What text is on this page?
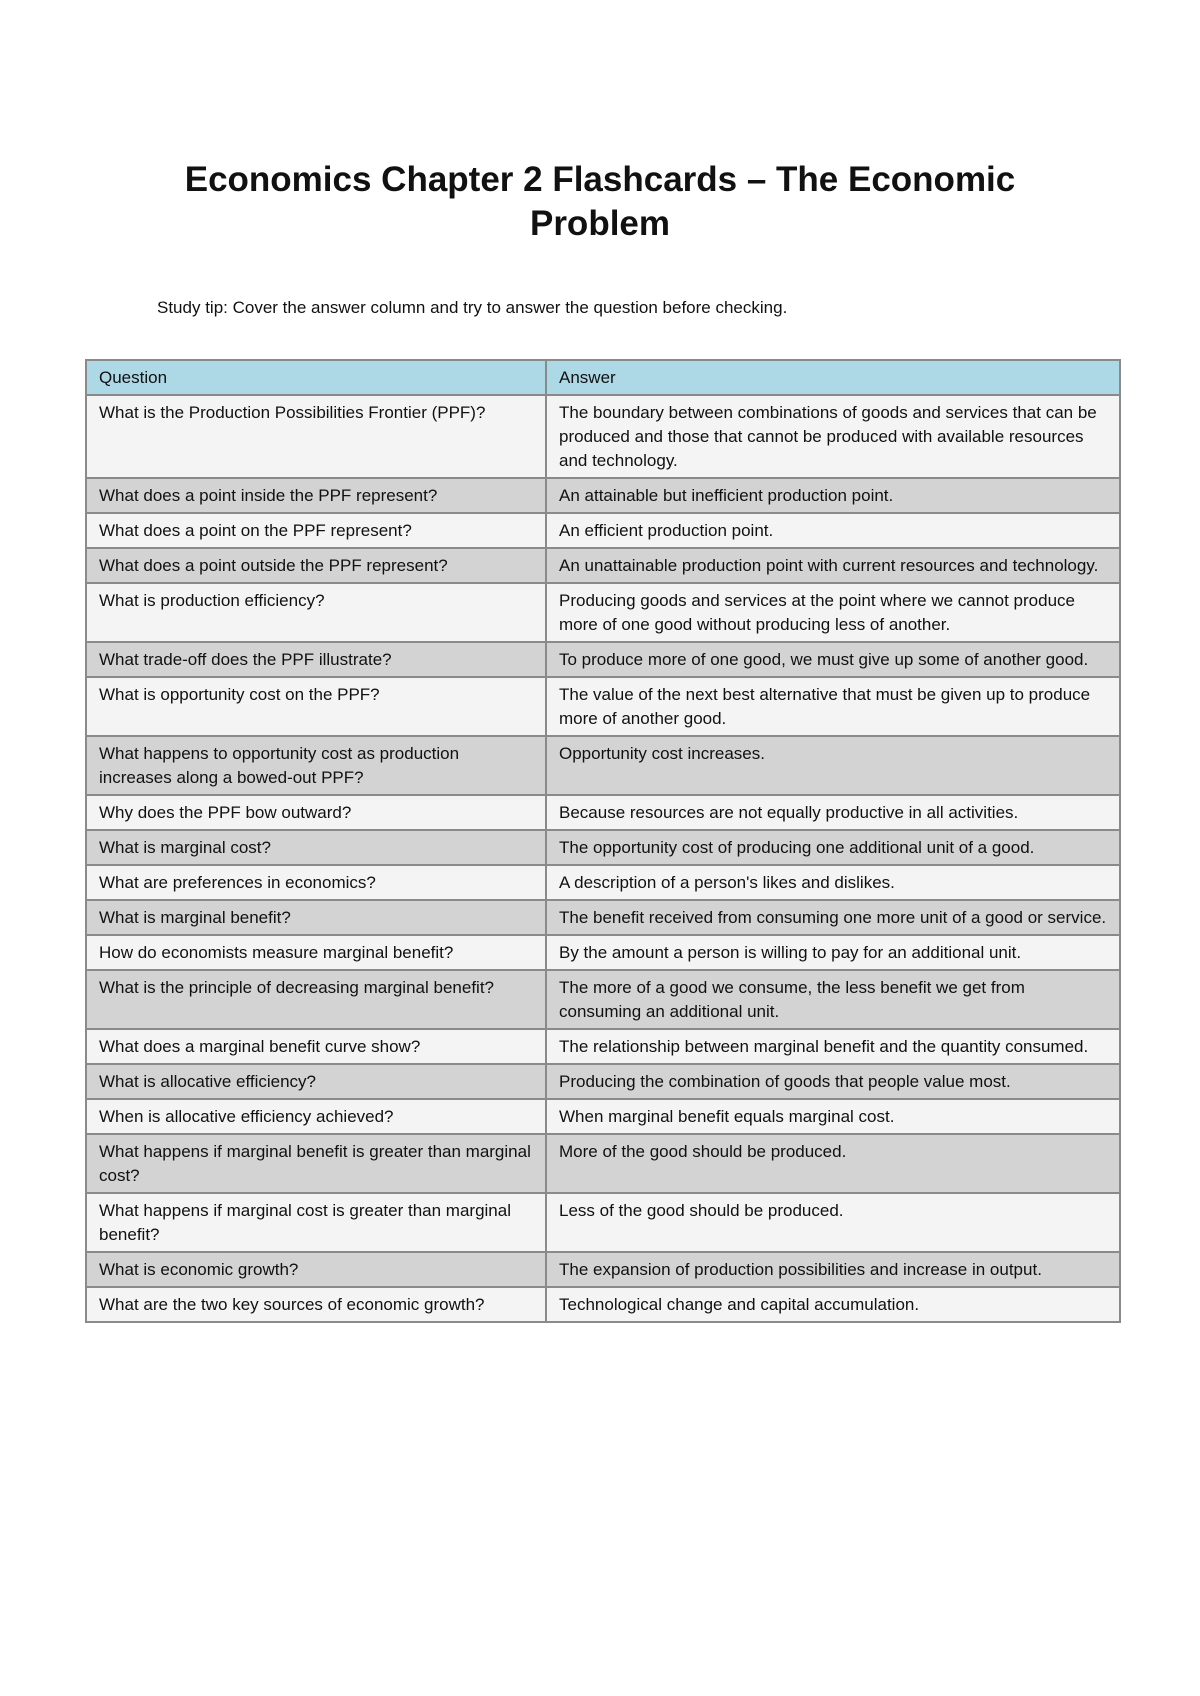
Economics Chapter 2 Flashcards – The Economic Problem

Study tip: Cover the answer column and try to answer the question before checking.

Question	Answer
What is the Production Possibilities Frontier (PPF)?	The boundary between combinations of goods and services that can be produced and those that cannot be produced with available resources and technology.
What does a point inside the PPF represent?	An attainable but inefficient production point.
What does a point on the PPF represent?	An efficient production point.
What does a point outside the PPF represent?	An unattainable production point with current resources and technology.
What is production efficiency?	Producing goods and services at the point where we cannot produce more of one good without producing less of another.
What trade-off does the PPF illustrate?	To produce more of one good, we must give up some of another good.
What is opportunity cost on the PPF?	The value of the next best alternative that must be given up to produce more of another good.
What happens to opportunity cost as production increases along a bowed-out PPF?	Opportunity cost increases.
Why does the PPF bow outward?	Because resources are not equally productive in all activities.
What is marginal cost?	The opportunity cost of producing one additional unit of a good.
What are preferences in economics?	A description of a person's likes and dislikes.
What is marginal benefit?	The benefit received from consuming one more unit of a good or service.
How do economists measure marginal benefit?	By the amount a person is willing to pay for an additional unit.
What is the principle of decreasing marginal benefit?	The more of a good we consume, the less benefit we get from consuming an additional unit.
What does a marginal benefit curve show?	The relationship between marginal benefit and the quantity consumed.
What is allocative efficiency?	Producing the combination of goods that people value most.
When is allocative efficiency achieved?	When marginal benefit equals marginal cost.
What happens if marginal benefit is greater than marginal cost?	More of the good should be produced.
What happens if marginal cost is greater than marginal benefit?	Less of the good should be produced.
What is economic growth?	The expansion of production possibilities and increase in output.
What are the two key sources of economic growth?	Technological change and capital accumulation.
